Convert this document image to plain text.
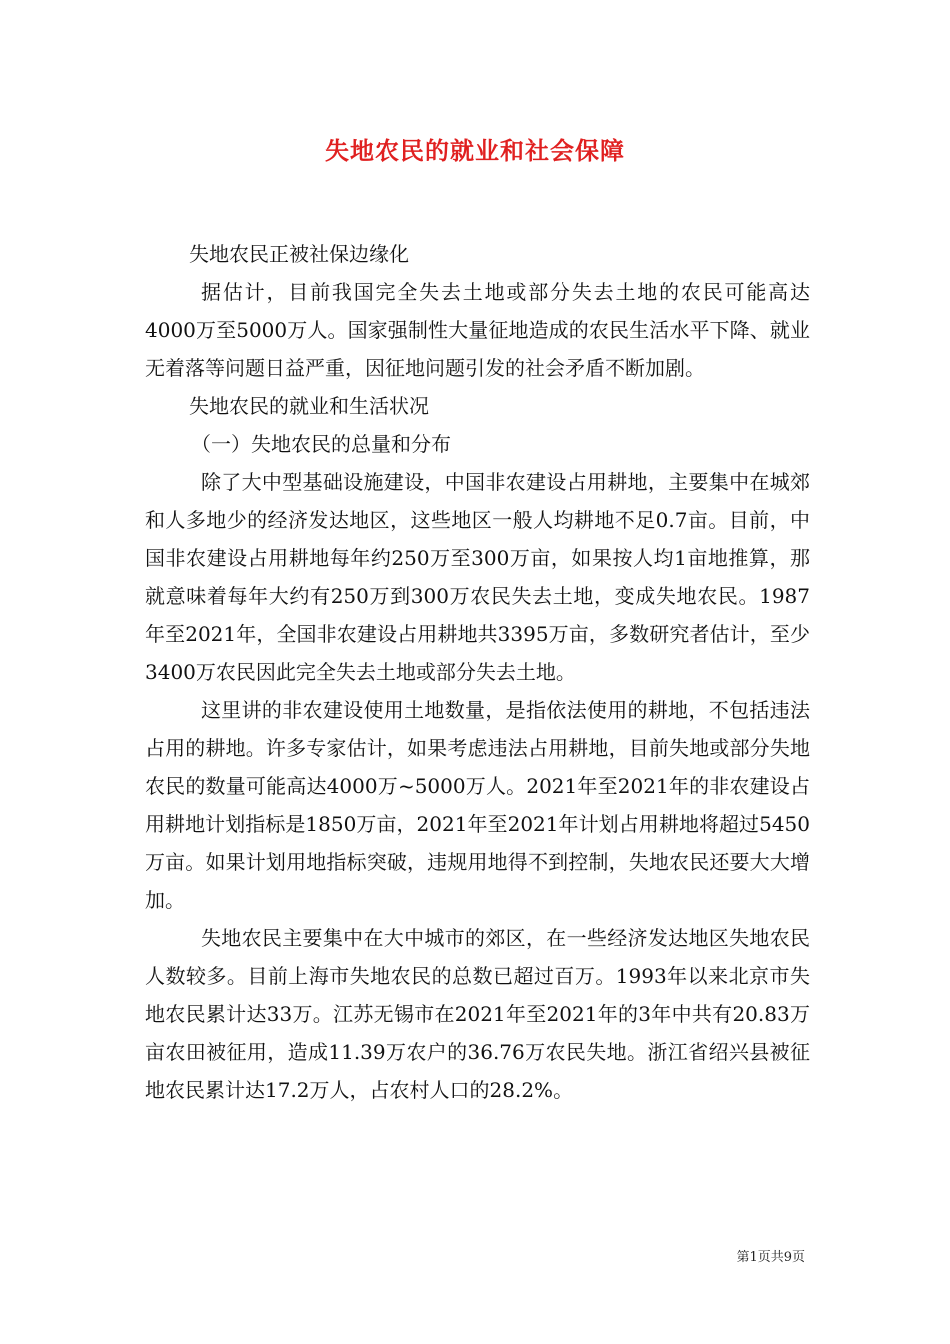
失地农民的就业和社会保障

失地农民正被社保边缘化

据估计，目前我国完全失去土地或部分失去土地的农民可能高达4000万至5000万人。国家强制性大量征地造成的农民生活水平下降、就业无着落等问题日益严重，因征地问题引发的社会矛盾不断加剧。

失地农民的就业和生活状况

（一）失地农民的总量和分布

除了大中型基础设施建设，中国非农建设占用耕地，主要集中在城郊和人多地少的经济发达地区，这些地区一般人均耕地不足0.7亩。目前，中国非农建设占用耕地每年约250万至300万亩，如果按人均1亩地推算，那就意味着每年大约有250万到300万农民失去土地，变成失地农民。1987年至2021年，全国非农建设占用耕地共3395万亩，多数研究者估计，至少3400万农民因此完全失去土地或部分失去土地。

这里讲的非农建设使用土地数量，是指依法使用的耕地，不包括违法占用的耕地。许多专家估计，如果考虑违法占用耕地，目前失地或部分失地农民的数量可能高达4000万~5000万人。2021年至2021年的非农建设占用耕地计划指标是1850万亩，2021年至2021年计划占用耕地将超过5450万亩。如果计划用地指标突破，违规用地得不到控制，失地农民还要大大增加。

失地农民主要集中在大中城市的郊区，在一些经济发达地区失地农民人数较多。目前上海市失地农民的总数已超过百万。1993年以来北京市失地农民累计达33万。江苏无锡市在2021年至2021年的3年中共有20.83万亩农田被征用，造成11.39万农户的36.76万农民失地。浙江省绍兴县被征地农民累计达17.2万人，占农村人口的28.2%。

第1页共9页
